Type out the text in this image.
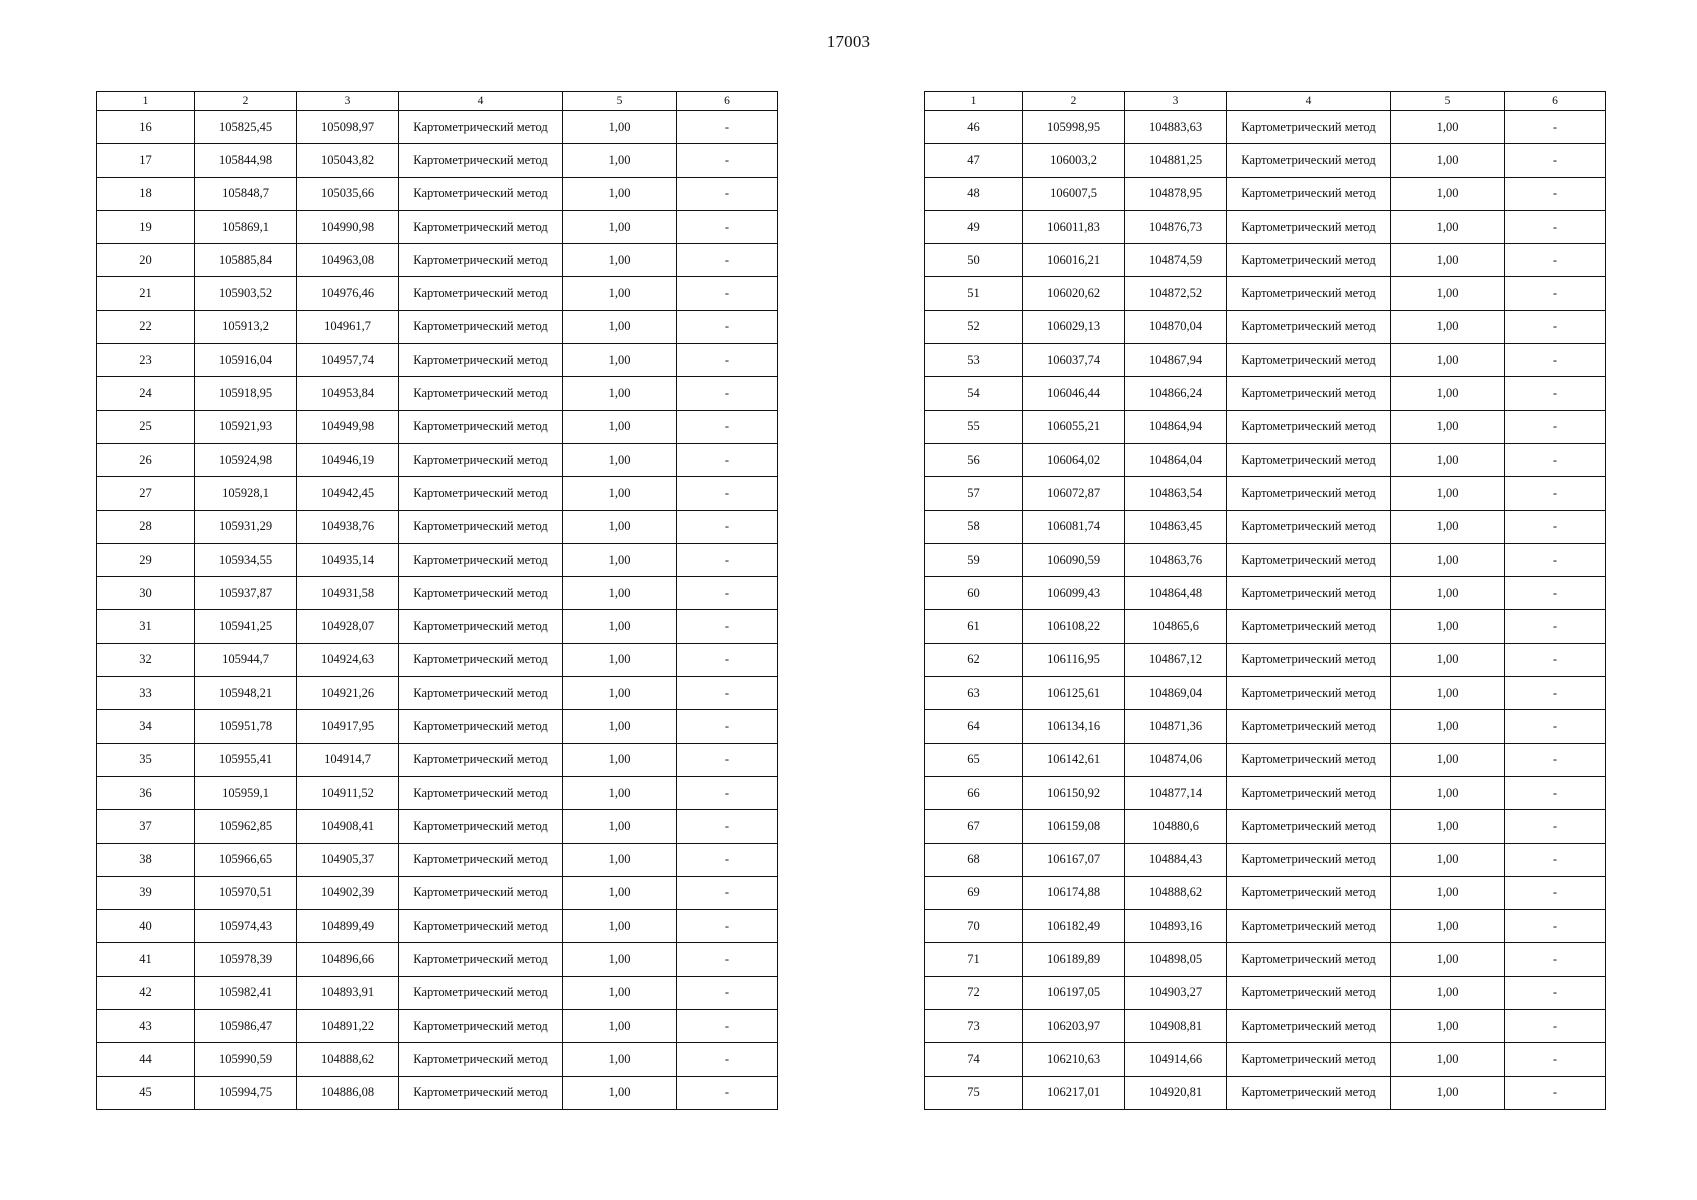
17003
1	2	3	4	5	6
16	105825,45	105098,97	Картометрический метод	1,00	-
17	105844,98	105043,82	Картометрический метод	1,00	-
18	105848,7	105035,66	Картометрический метод	1,00	-
19	105869,1	104990,98	Картометрический метод	1,00	-
20	105885,84	104963,08	Картометрический метод	1,00	-
21	105903,52	104976,46	Картометрический метод	1,00	-
22	105913,2	104961,7	Картометрический метод	1,00	-
23	105916,04	104957,74	Картометрический метод	1,00	-
24	105918,95	104953,84	Картометрический метод	1,00	-
25	105921,93	104949,98	Картометрический метод	1,00	-
26	105924,98	104946,19	Картометрический метод	1,00	-
27	105928,1	104942,45	Картометрический метод	1,00	-
28	105931,29	104938,76	Картометрический метод	1,00	-
29	105934,55	104935,14	Картометрический метод	1,00	-
30	105937,87	104931,58	Картометрический метод	1,00	-
31	105941,25	104928,07	Картометрический метод	1,00	-
32	105944,7	104924,63	Картометрический метод	1,00	-
33	105948,21	104921,26	Картометрический метод	1,00	-
34	105951,78	104917,95	Картометрический метод	1,00	-
35	105955,41	104914,7	Картометрический метод	1,00	-
36	105959,1	104911,52	Картометрический метод	1,00	-
37	105962,85	104908,41	Картометрический метод	1,00	-
38	105966,65	104905,37	Картометрический метод	1,00	-
39	105970,51	104902,39	Картометрический метод	1,00	-
40	105974,43	104899,49	Картометрический метод	1,00	-
41	105978,39	104896,66	Картометрический метод	1,00	-
42	105982,41	104893,91	Картометрический метод	1,00	-
43	105986,47	104891,22	Картометрический метод	1,00	-
44	105990,59	104888,62	Картометрический метод	1,00	-
45	105994,75	104886,08	Картометрический метод	1,00	-
1	2	3	4	5	6
46	105998,95	104883,63	Картометрический метод	1,00	-
47	106003,2	104881,25	Картометрический метод	1,00	-
48	106007,5	104878,95	Картометрический метод	1,00	-
49	106011,83	104876,73	Картометрический метод	1,00	-
50	106016,21	104874,59	Картометрический метод	1,00	-
51	106020,62	104872,52	Картометрический метод	1,00	-
52	106029,13	104870,04	Картометрический метод	1,00	-
53	106037,74	104867,94	Картометрический метод	1,00	-
54	106046,44	104866,24	Картометрический метод	1,00	-
55	106055,21	104864,94	Картометрический метод	1,00	-
56	106064,02	104864,04	Картометрический метод	1,00	-
57	106072,87	104863,54	Картометрический метод	1,00	-
58	106081,74	104863,45	Картометрический метод	1,00	-
59	106090,59	104863,76	Картометрический метод	1,00	-
60	106099,43	104864,48	Картометрический метод	1,00	-
61	106108,22	104865,6	Картометрический метод	1,00	-
62	106116,95	104867,12	Картометрический метод	1,00	-
63	106125,61	104869,04	Картометрический метод	1,00	-
64	106134,16	104871,36	Картометрический метод	1,00	-
65	106142,61	104874,06	Картометрический метод	1,00	-
66	106150,92	104877,14	Картометрический метод	1,00	-
67	106159,08	104880,6	Картометрический метод	1,00	-
68	106167,07	104884,43	Картометрический метод	1,00	-
69	106174,88	104888,62	Картометрический метод	1,00	-
70	106182,49	104893,16	Картометрический метод	1,00	-
71	106189,89	104898,05	Картометрический метод	1,00	-
72	106197,05	104903,27	Картометрический метод	1,00	-
73	106203,97	104908,81	Картометрический метод	1,00	-
74	106210,63	104914,66	Картометрический метод	1,00	-
75	106217,01	104920,81	Картометрический метод	1,00	-
